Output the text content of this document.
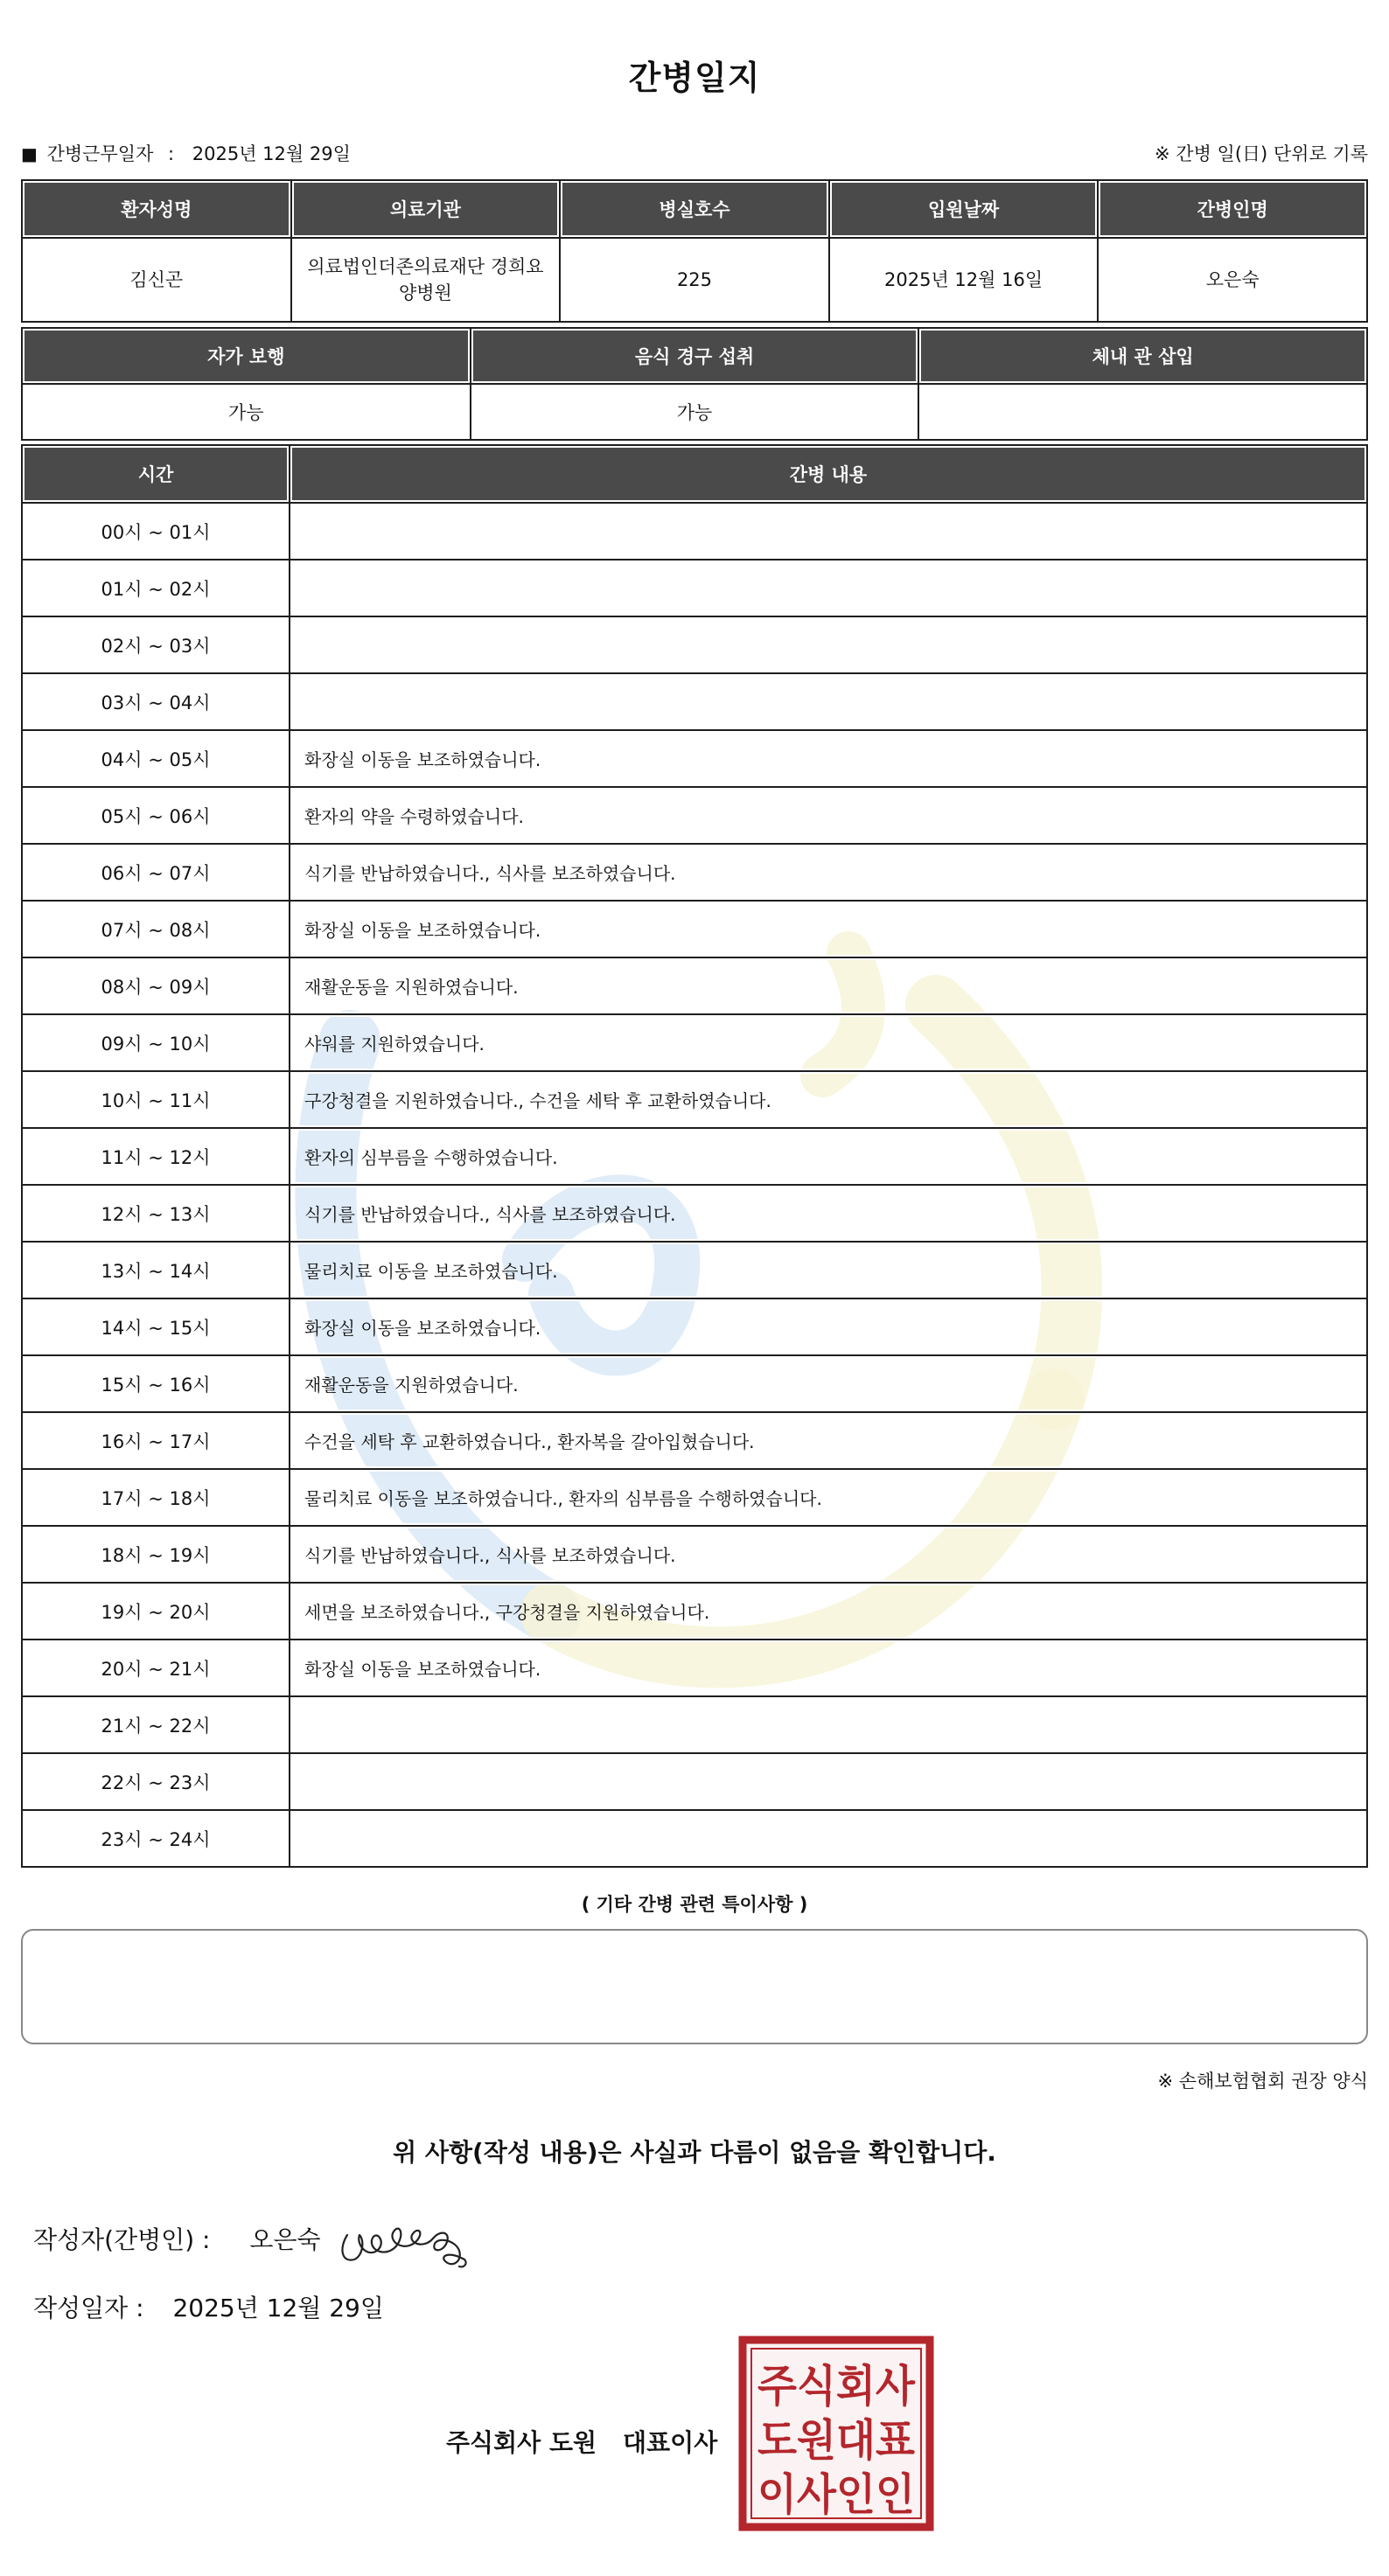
간병일지
■ 간병근무일자 : 2025년 12월 29일	※ 간병 일(日) 단위로 기록
환자성명	의료기관	병실호수	입원날짜	간병인명
김신곤	의료법인더존의료재단 경희요
양병원	225	2025년 12월 16일	오은숙
자가 보행	음식 경구 섭취	체내 관 삽입
가능	가능	
시간	간병 내용
00시 ~ 01시	
01시 ~ 02시	
02시 ~ 03시	
03시 ~ 04시	
04시 ~ 05시	화장실 이동을 보조하였습니다.
05시 ~ 06시	환자의 약을 수령하였습니다.
06시 ~ 07시	식기를 반납하였습니다., 식사를 보조하였습니다.
07시 ~ 08시	화장실 이동을 보조하였습니다.
08시 ~ 09시	재활운동을 지원하였습니다.
09시 ~ 10시	샤워를 지원하였습니다.
10시 ~ 11시	구강청결을 지원하였습니다., 수건을 세탁 후 교환하였습니다.
11시 ~ 12시	환자의 심부름을 수행하였습니다.
12시 ~ 13시	식기를 반납하였습니다., 식사를 보조하였습니다.
13시 ~ 14시	물리치료 이동을 보조하였습니다.
14시 ~ 15시	화장실 이동을 보조하였습니다.
15시 ~ 16시	재활운동을 지원하였습니다.
16시 ~ 17시	수건을 세탁 후 교환하였습니다., 환자복을 갈아입혔습니다.
17시 ~ 18시	물리치료 이동을 보조하였습니다., 환자의 심부름을 수행하였습니다.
18시 ~ 19시	식기를 반납하였습니다., 식사를 보조하였습니다.
19시 ~ 20시	세면을 보조하였습니다., 구강청결을 지원하였습니다.
20시 ~ 21시	화장실 이동을 보조하였습니다.
21시 ~ 22시	
22시 ~ 23시	
23시 ~ 24시	
( 기타 간병 관련 특이사항 )
※ 손해보험협회 권장 양식
위 사항(작성 내용)은 사실과 다름이 없음을 확인합니다.
작성자(간병인) : 오은숙
작성일자 : 2025년 12월 29일
주식회사 도원 대표이사
주식회사
도원대표
이사인인
